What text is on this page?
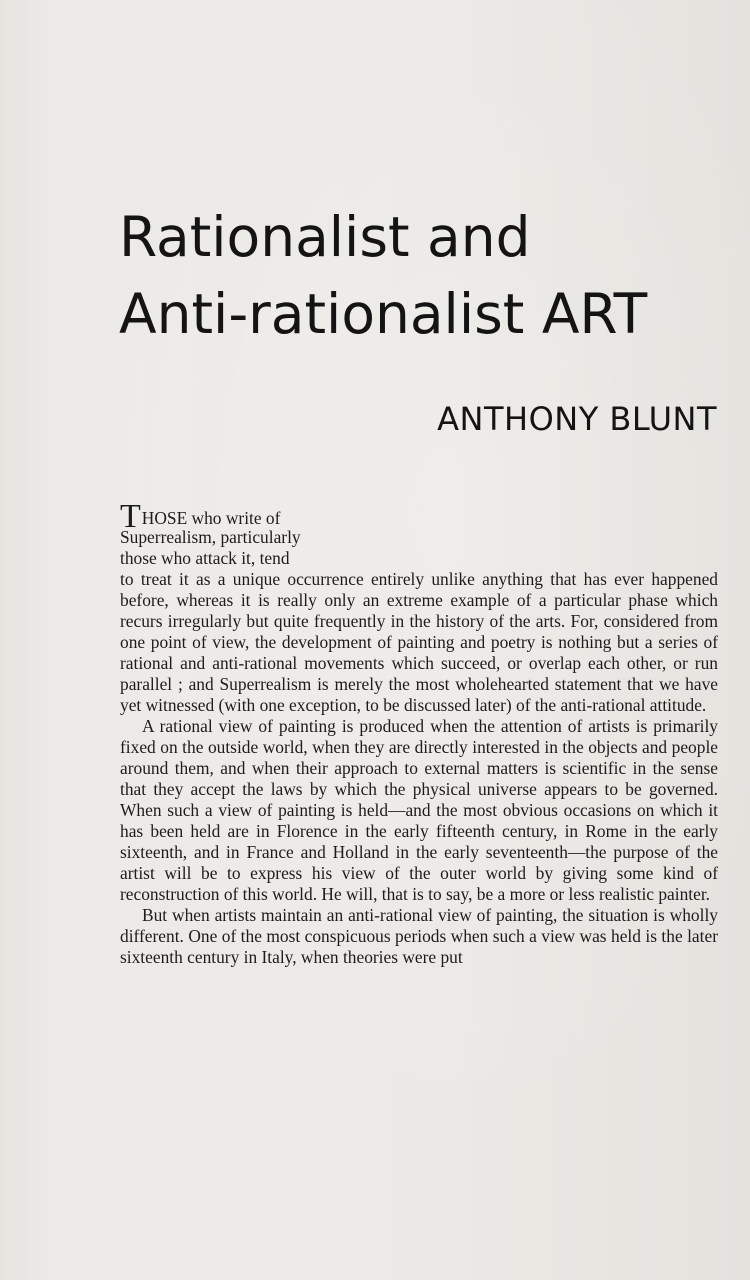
Rationalist and
Anti-rationalist ART
ANTHONY BLUNT

THOSE who write of
Superrealism, particularly
those who attack it, tend
to treat it as a unique occurrence entirely unlike anything that has ever happened before, whereas it is really only an extreme example of a particular phase which recurs irregularly but quite frequently in the history of the arts. For, considered from one point of view, the development of painting and poetry is nothing but a series of rational and anti-rational movements which succeed, or overlap each other, or run parallel ; and Superrealism is merely the most wholehearted statement that we have yet witnessed (with one exception, to be discussed later) of the anti-rational attitude.

A rational view of painting is produced when the attention of artists is primarily fixed on the outside world, when they are directly interested in the objects and people around them, and when their approach to external matters is scientific in the sense that they accept the laws by which the physical universe appears to be governed. When such a view of painting is held—and the most obvious occasions on which it has been held are in Florence in the early fifteenth century, in Rome in the early sixteenth, and in France and Holland in the early seventeenth—the purpose of the artist will be to express his view of the outer world by giving some kind of reconstruction of this world. He will, that is to say, be a more or less realistic painter.

But when artists maintain an anti-rational view of painting, the situation is wholly different. One of the most conspicuous periods when such a view was held is the later sixteenth century in Italy, when theories were put
